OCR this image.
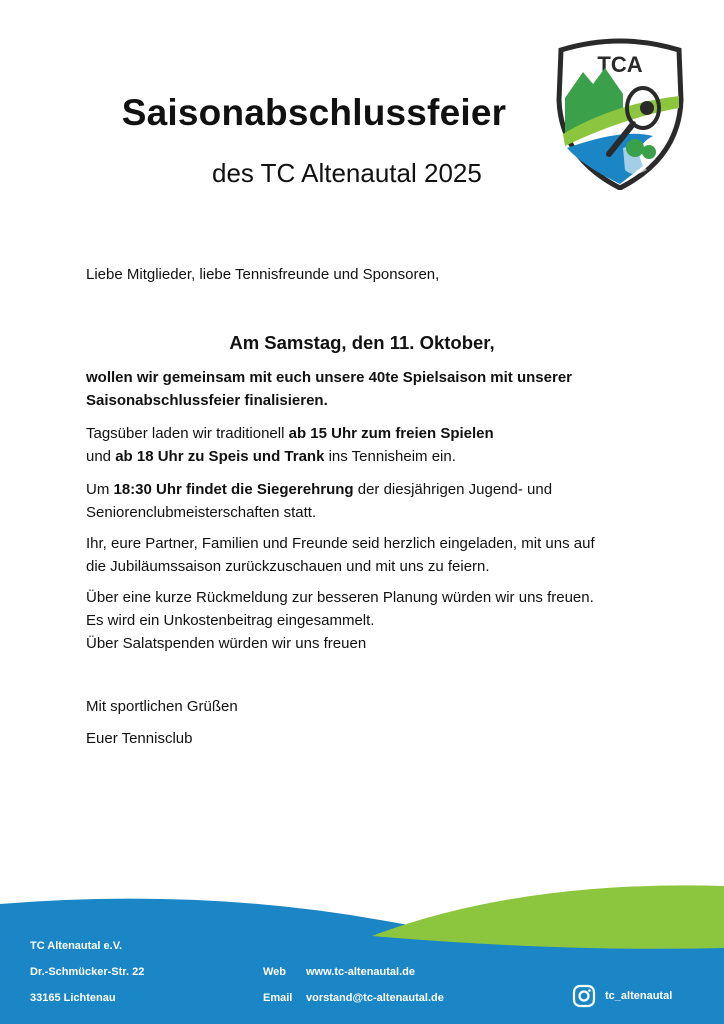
Saisonabschlussfeier
des TC Altenautal 2025
TCA
Liebe Mitglieder, liebe Tennisfreunde und Sponsoren,
Am Samstag, den 11. Oktober,
wollen wir gemeinsam mit euch unsere 40te Spielsaison mit unserer
Saisonabschlussfeier finalisieren.
Tagsüber laden wir traditionell ab 15 Uhr zum freien Spielen
und ab 18 Uhr zu Speis und Trank ins Tennisheim ein.
Um 18:30 Uhr findet die Siegerehrung der diesjährigen Jugend- und
Seniorenclubmeisterschaften statt.
Ihr, eure Partner, Familien und Freunde seid herzlich eingeladen, mit uns auf
die Jubiläumssaison zurückzuschauen und mit uns zu feiern.
Über eine kurze Rückmeldung zur besseren Planung würden wir uns freuen.
Es wird ein Unkostenbeitrag eingesammelt.
Über Salatspenden würden wir uns freuen
Mit sportlichen Grüßen
Euer Tennisclub
TC Altenautal e.V.
Dr.-Schmücker-Str. 22
33165 Lichtenau
Web www.tc-altenautal.de
Email vorstand@tc-altenautal.de	tc_altenautal
